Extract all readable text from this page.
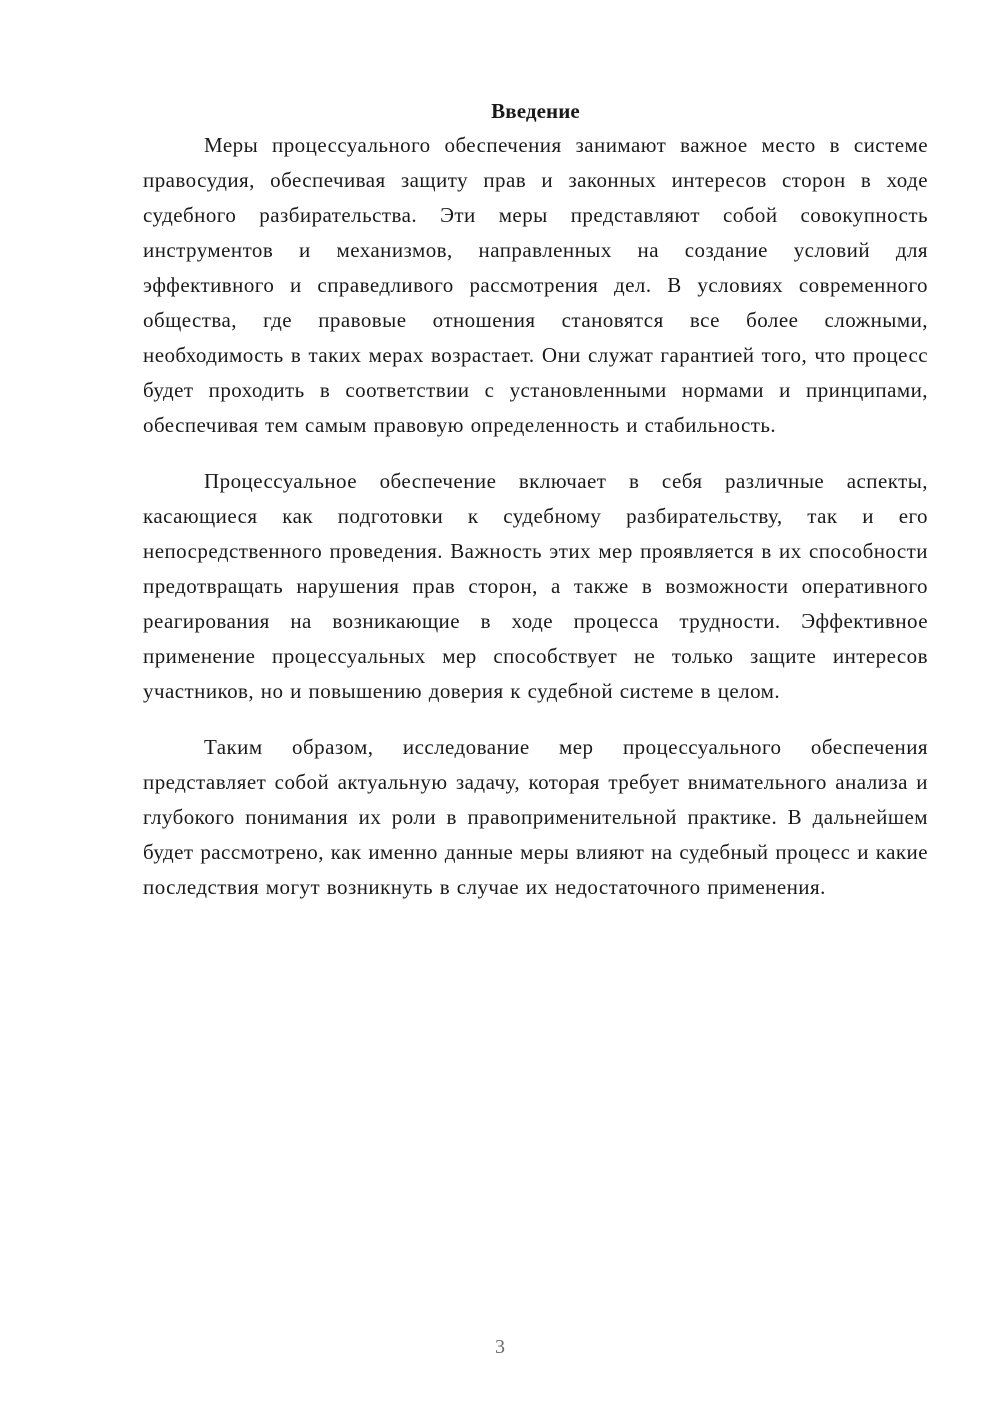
Введение

Меры процессуального обеспечения занимают важное место в системе правосудия, обеспечивая защиту прав и законных интересов сторон в ходе судебного разбирательства. Эти меры представляют собой совокупность инструментов и механизмов, направленных на создание условий для эффективного и справедливого рассмотрения дел. В условиях современного общества, где правовые отношения становятся все более сложными, необходимость в таких мерах возрастает. Они служат гарантией того, что процесс будет проходить в соответствии с установленными нормами и принципами, обеспечивая тем самым правовую определенность и стабильность.

Процессуальное обеспечение включает в себя различные аспекты, касающиеся как подготовки к судебному разбирательству, так и его непосредственного проведения. Важность этих мер проявляется в их способности предотвращать нарушения прав сторон, а также в возможности оперативного реагирования на возникающие в ходе процесса трудности. Эффективное применение процессуальных мер способствует не только защите интересов участников, но и повышению доверия к судебной системе в целом.

Таким образом, исследование мер процессуального обеспечения представляет собой актуальную задачу, которая требует внимательного анализа и глубокого понимания их роли в правоприменительной практике. В дальнейшем будет рассмотрено, как именно данные меры влияют на судебный процесс и какие последствия могут возникнуть в случае их недостаточного применения.

3
